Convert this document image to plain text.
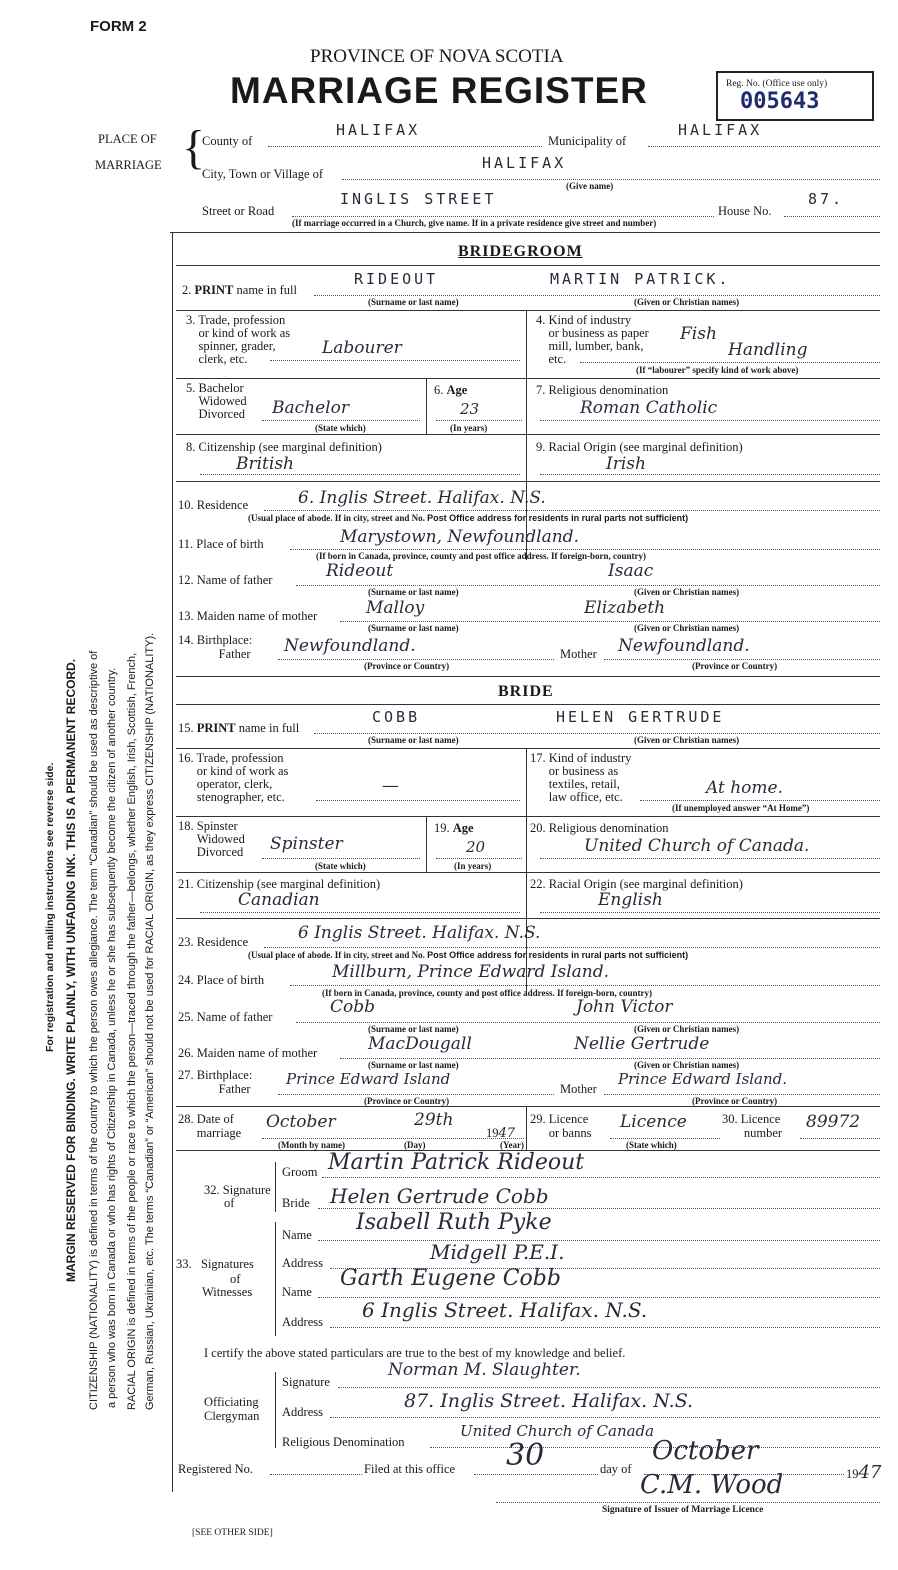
FORM 2
PROVINCE OF NOVA SCOTIA
MARRIAGE REGISTER	Reg. No. (Office use only)
005643
PLACE OF
MARRIAGE {
County of
HALIFAX
Municipality of
HALIFAX
City, Town or Village of
HALIFAX
(Give name)
Street or Road
INGLIS STREET
House No.
87.
(If marriage occurred in a Church, give name. If in a private residence give street and number)
For registration and mailing instructions see reverse side. MARGIN RESERVED FOR BINDING. WRITE PLAINLY, WITH UNFADING INK. THIS IS A PERMANENT RECORD. CITIZENSHIP (NATIONALITY) is defined in terms of the country to which the person owes allegiance. The term “Canadian” should be used as descriptive of a person who was born in Canada or who has rights of Citizenship in Canada, unless he or she has subsequently become the citizen of another country. RACIAL ORIGIN is defined in terms of the people or race to which the person—traced through the father—belongs, whether English, Irish, Scottish, French, German, Russian, Ukrainian, etc. The terms “Canadian” or “American” should not be used for RACIAL ORIGIN, as they express CITIZENSHIP (NATIONALITY).
BRIDEGROOM
2. PRINT name in full
RIDEOUT	MARTIN PATRICK.
(Surname or last name)	(Given or Christian names)
3. Trade, profession
or kind of work as
spinner, grader,
clerk, etc.
Labourer
4. Kind of industry
or business as paper
mill, lumber, bank,
etc.
Fish
Handling
(If “labourer” specify kind of work above)
5. Bachelor
Widowed
Divorced Bachelor
(State which)
6. Age
23
(In years)
7. Religious denomination
Roman Catholic
8. Citizenship (see marginal definition)
British
9. Racial Origin (see marginal definition)
Irish
10. Residence	6. Inglis Street. Halifax. N.S.
(Usual place of abode. If in city, street and No. Post Office address for residents in rural parts not sufficient)
11. Place of birth	Marystown, Newfoundland.
(If born in Canada, province, county and post office address. If foreign-born, country)
12. Name of father	Rideout	Isaac
(Surname or last name)	(Given or Christian names)
13. Maiden name of mother	Malloy	Elizabeth
(Surname or last name)	(Given or Christian names)
14. Birthplace:
Father Newfoundland.	Mother Newfoundland.
(Province or Country)	(Province or Country)
BRIDE
15. PRINT name in full
COBB	HELEN GERTRUDE
(Surname or last name)	(Given or Christian names)
16. Trade, profession
or kind of work as
operator, clerk,
stenographer, etc.
—
17. Kind of industry
or business as
textiles, retail,
law office, etc.	At home.
(If unemployed answer “At Home”)
18. Spinster
Widowed
Divorced Spinster
(State which)
19. Age
20
(In years)
20. Religious denomination
United Church of Canada.
21. Citizenship (see marginal definition)
Canadian
22. Racial Origin (see marginal definition)
English
23. Residence	6 Inglis Street. Halifax. N.S.
(Usual place of abode. If in city, street and No. Post Office address for residents in rural parts not sufficient)
24. Place of birth	Millburn, Prince Edward Island.
(If born in Canada, province, county and post office address. If foreign-born, country)
25. Name of father	Cobb	John Victor
(Surname or last name)	(Given or Christian names)
26. Maiden name of mother	MacDougall	Nellie Gertrude
(Surname or last name)	(Given or Christian names)
27. Birthplace:
Father
Prince Edward Island
Mother
Prince Edward Island.
(Province or Country)	(Province or Country)
28. Date of
marriage
October	29th
1947
(Month by name)	(Day)	(Year)
29. Licence
or banns
Licence
(State which)
30. Licence
number
89972
32. Signature
of
Groom Martin Patrick Rideout
Bride Helen Gertrude Cobb
33. Signatures
of
Witnesses
Name Isabell Ruth Pyke
Address	Midgell P.E.I.
Name
Garth Eugene Cobb
Address 6 Inglis Street. Halifax. N.S.
I certify the above stated particulars are true to the best of my knowledge and belief.
Officiating
Clergyman
Signature
Norman M. Slaughter.
Address	87. Inglis Street. Halifax. N.S.
Religious Denomination
United Church of Canada
Registered No.	Filed at this office 30	day of
October
1947
C.M. Wood
Signature of Issuer of Marriage Licence
[SEE OTHER SIDE]
